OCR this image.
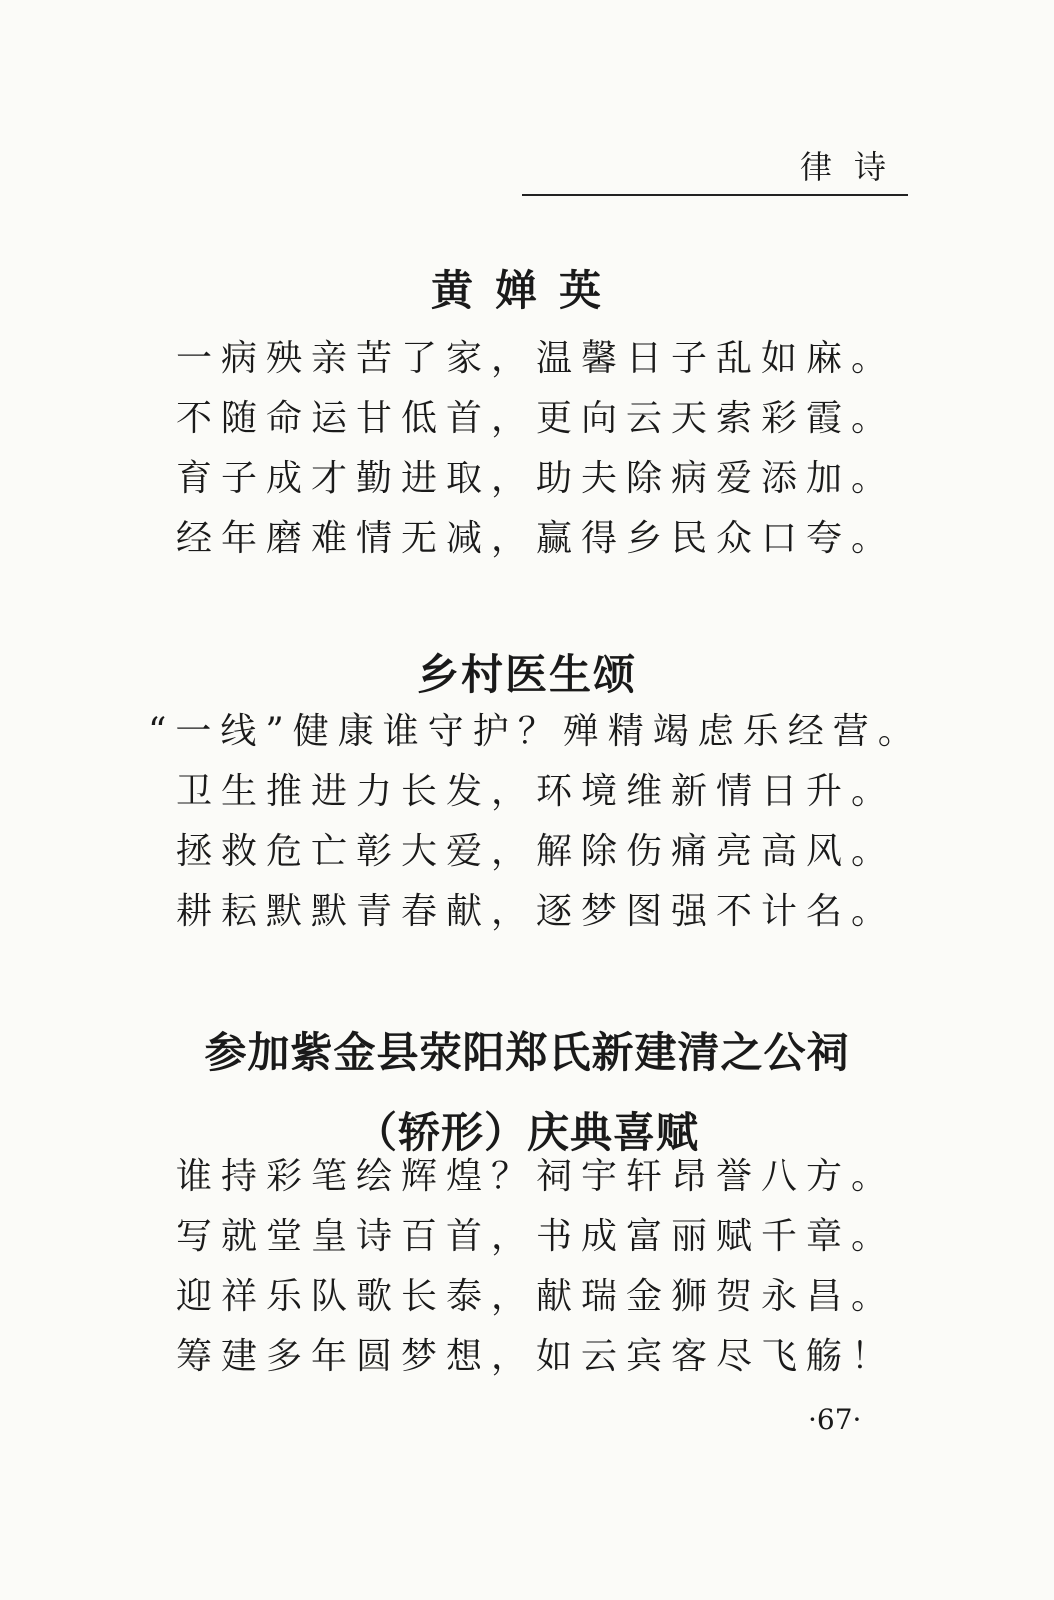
律诗
黄婵英
一病殃亲苦了家，温馨日子乱如麻。
不随命运甘低首，更向云天索彩霞。
育子成才勤进取，助夫除病爱添加。
经年磨难情无减，赢得乡民众口夸。
乡村医生颂
“一线”健康谁守护？殚精竭虑乐经营。
卫生推进力长发，环境维新情日升。
拯救危亡彰大爱，解除伤痛亮高风。
耕耘默默青春献，逐梦图强不计名。
参加紫金县荥阳郑氏新建清之公祠
（轿形）庆典喜赋
谁持彩笔绘辉煌？祠宇轩昂誉八方。
写就堂皇诗百首，书成富丽赋千章。
迎祥乐队歌长泰，献瑞金狮贺永昌。
筹建多年圆梦想，如云宾客尽飞觞！
·67·
